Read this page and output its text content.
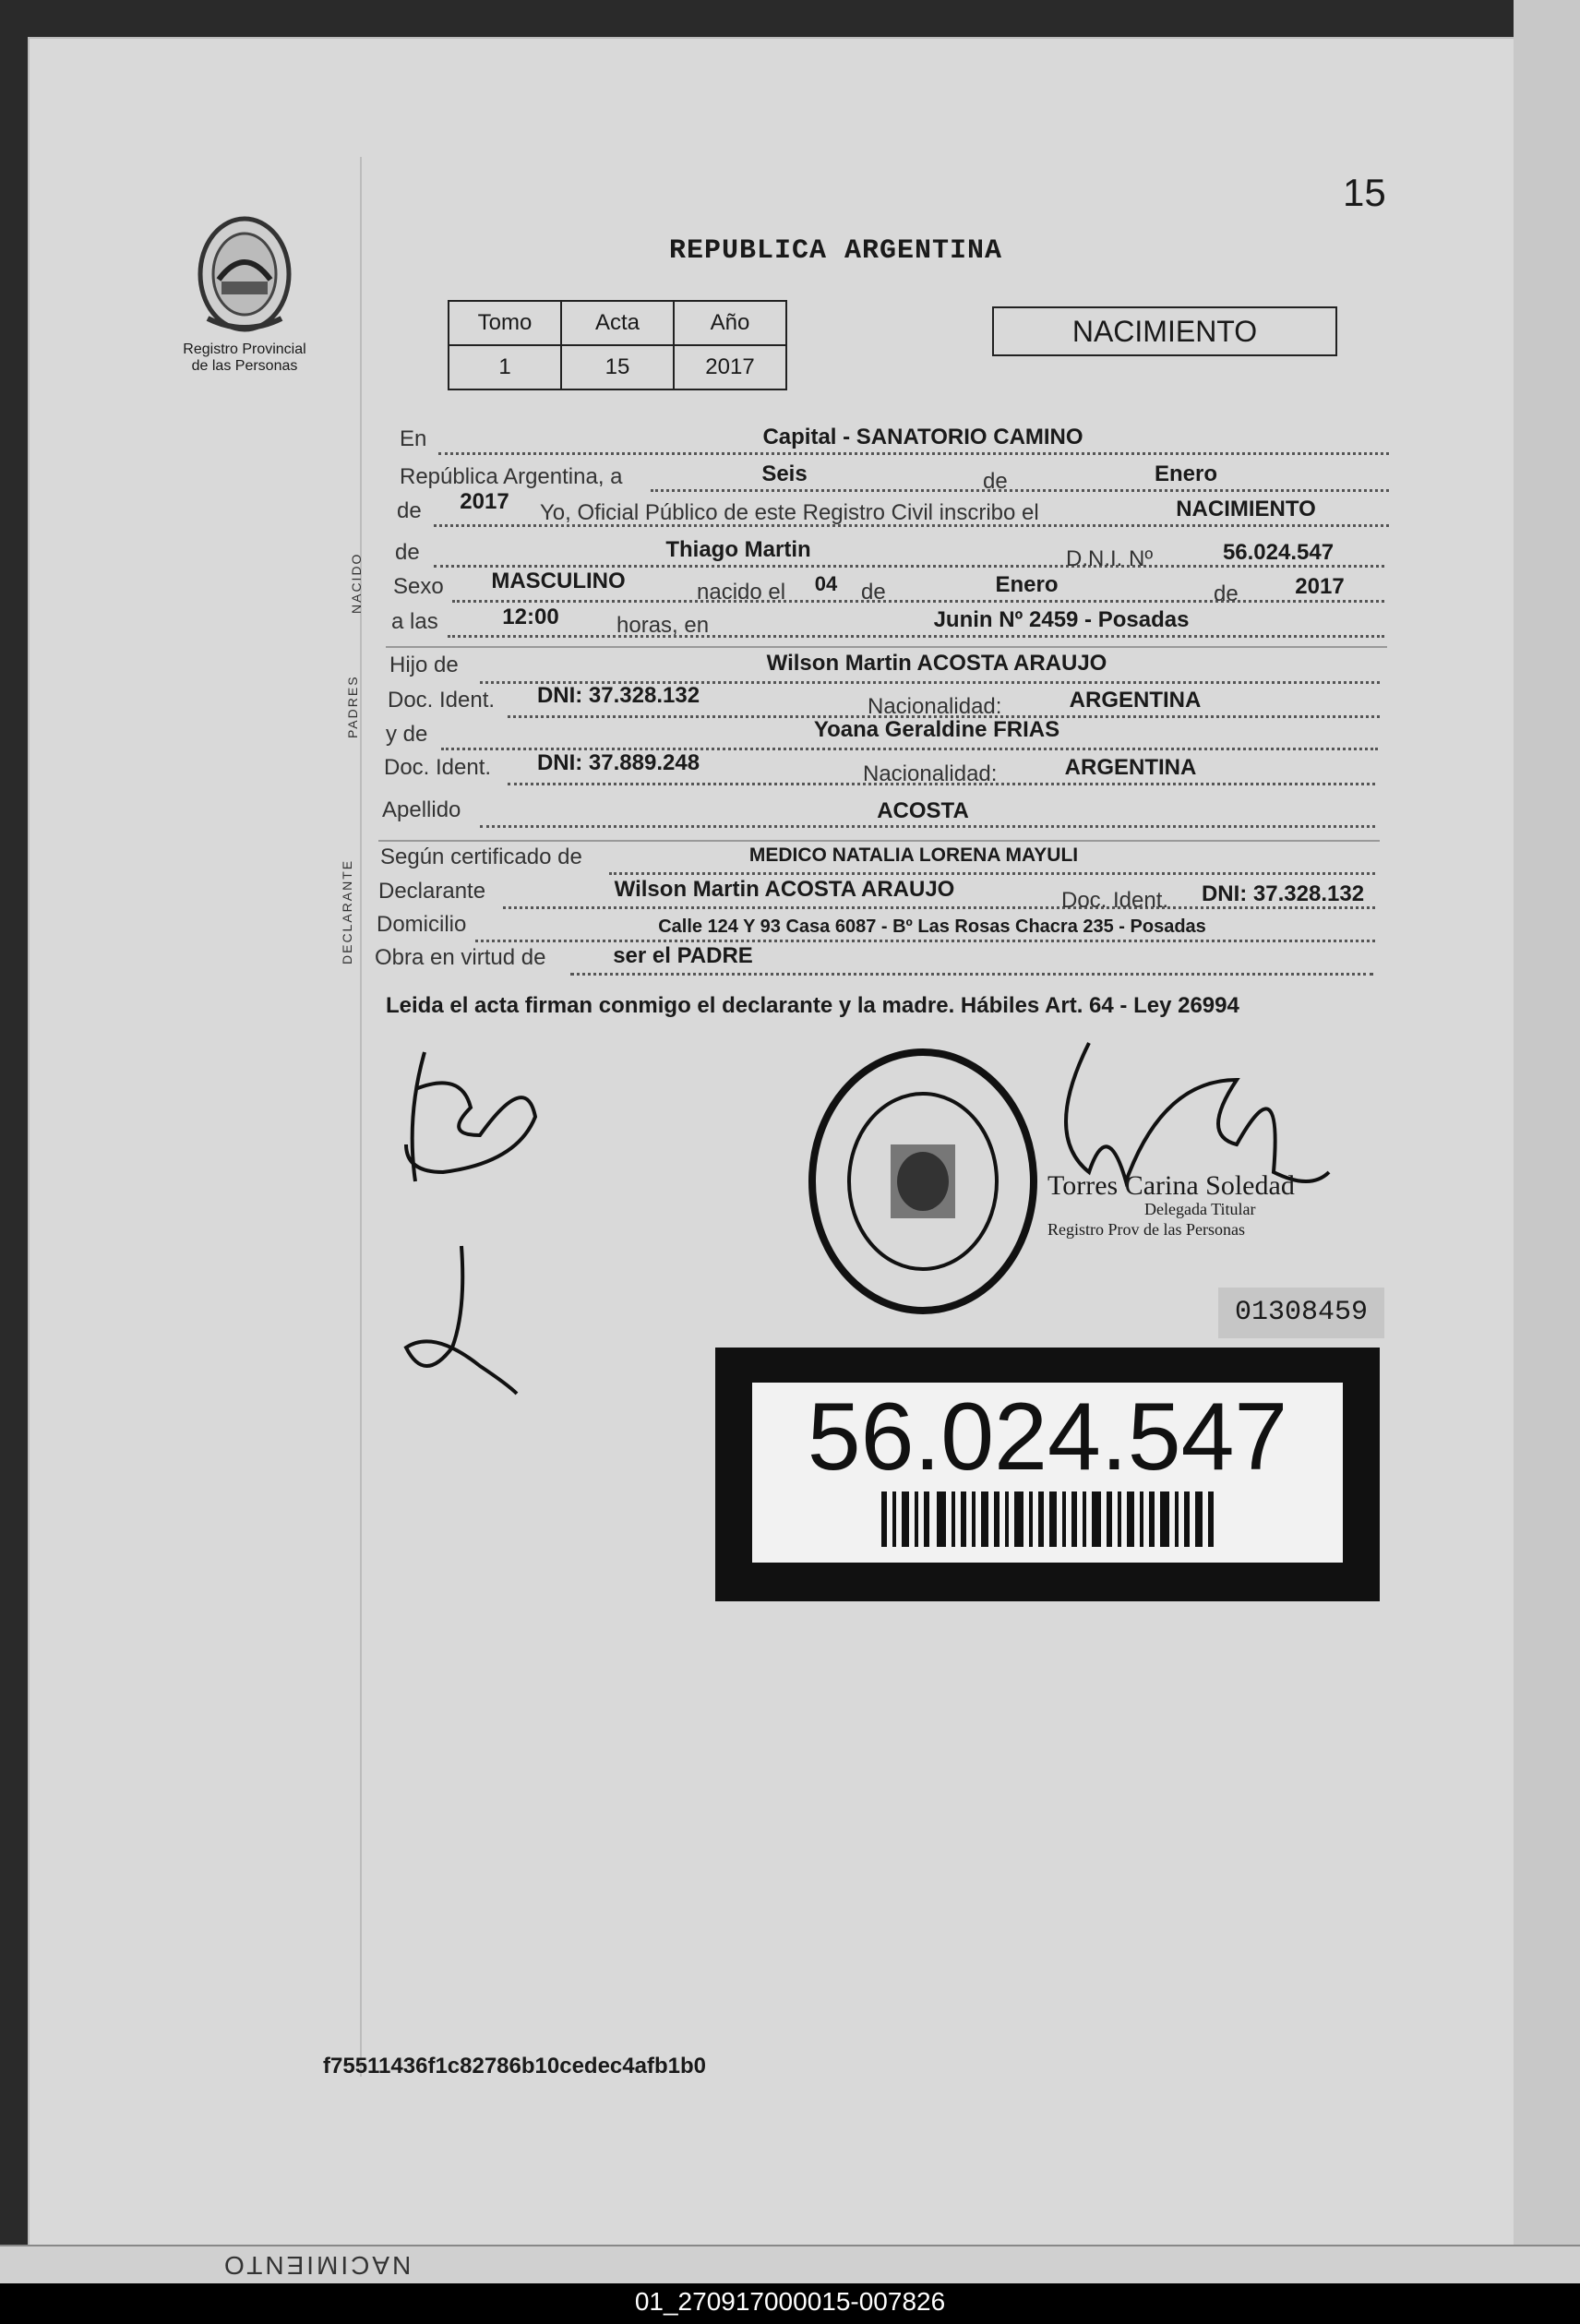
15
Registro Provincial
de las Personas
REPUBLICA ARGENTINA
Tomo	Acta	Año
1	15	2017
NACIMIENTO
En	Capital - SANATORIO CAMINO
República Argentina, a	Seis	de	Enero
de	2017	Yo, Oficial Público de este Registro Civil inscribo el	NACIMIENTO
NACIDO
de	Thiago Martin	D.N.I. Nº	56.024.547
Sexo	MASCULINO	nacido el	04	de	Enero	de	2017
a las	12:00	horas, en	Junin Nº 2459 - Posadas
PADRES
Hijo de	Wilson Martin ACOSTA ARAUJO
Doc. Ident.	DNI: 37.328.132	Nacionalidad:	ARGENTINA
y de	Yoana Geraldine FRIAS
Doc. Ident.	DNI: 37.889.248	Nacionalidad:	ARGENTINA
Apellido	ACOSTA
DECLARANTE
Según certificado de	MEDICO NATALIA LORENA MAYULI
Declarante	Wilson Martin ACOSTA ARAUJO	Doc. Ident.	DNI: 37.328.132
Domicilio	Calle 124 Y 93 Casa 6087 - Bº Las Rosas Chacra 235 - Posadas
Obra en virtud de	ser el PADRE
Leida el acta firman conmigo el declarante y la madre. Hábiles Art. 64 - Ley 26994
Torres Carina Soledad
Delegada Titular
Registro Prov de las Personas
01308459
56.024.547
f75511436f1c82786b10cedec4afb1b0
NACIMIENTO
01_270917000015-007826
